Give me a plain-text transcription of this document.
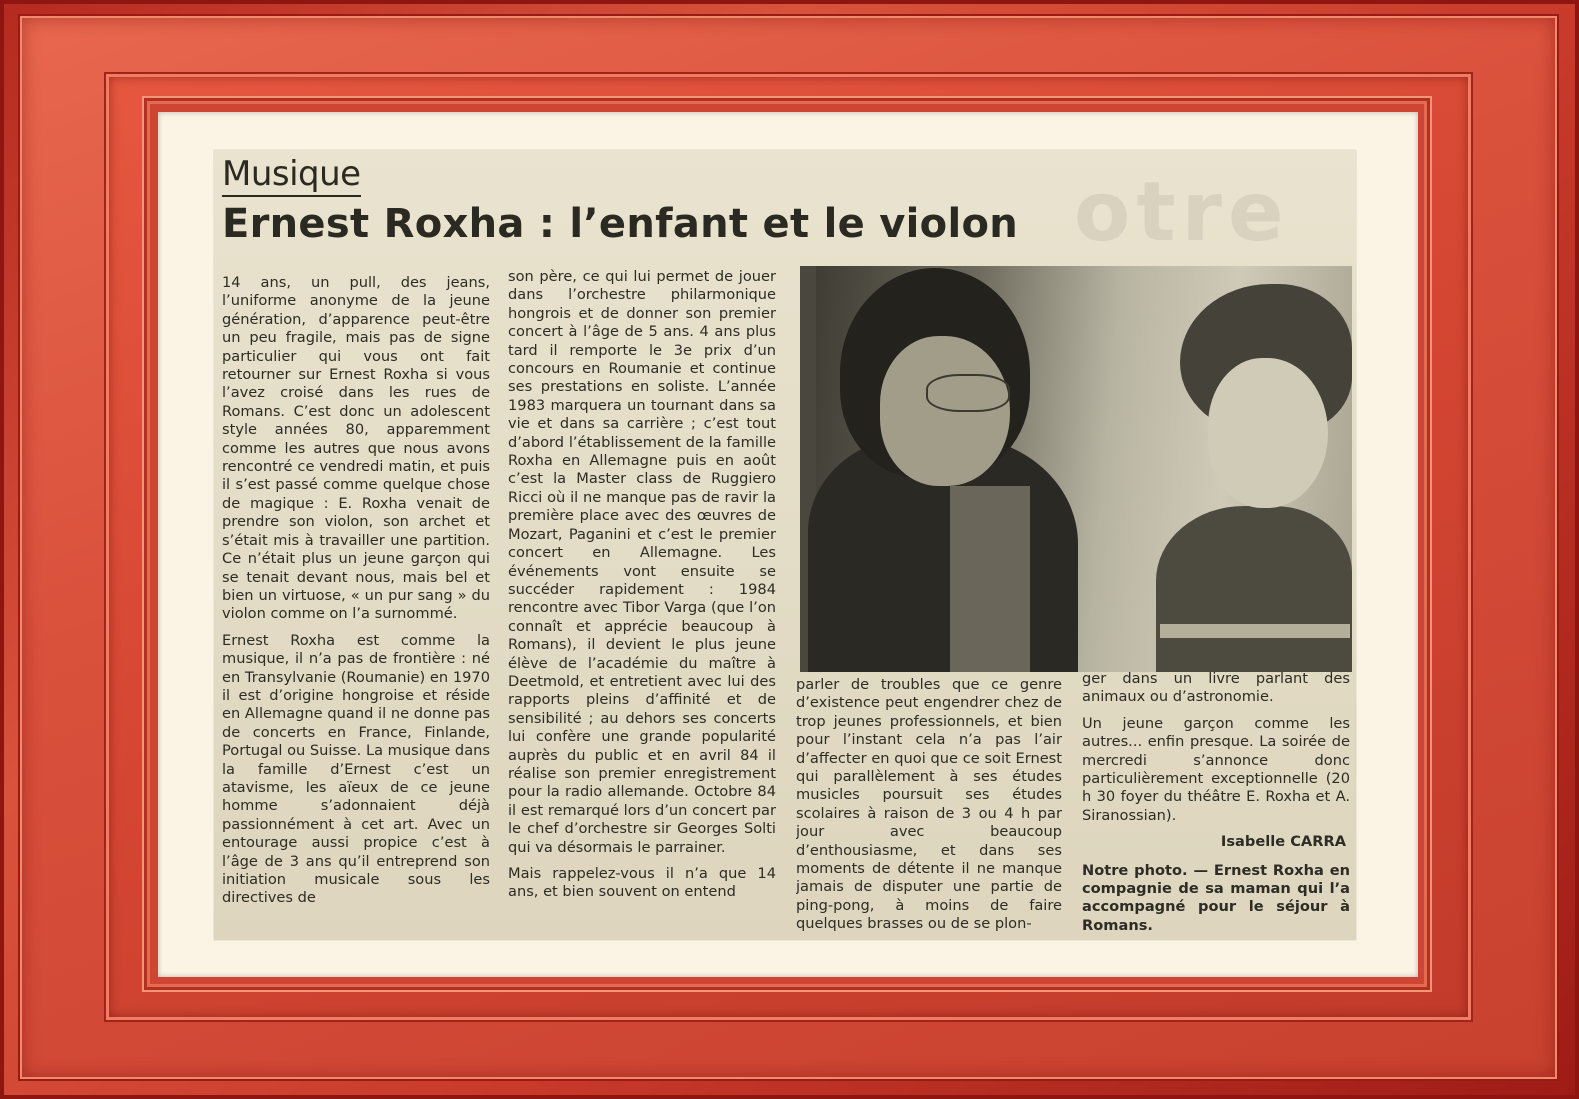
otre
Musique
Ernest Roxha : l’enfant et le violon

14 ans, un pull, des jeans, l’uniforme anonyme de la jeune génération, d’apparence peut-être un peu fragile, mais pas de signe particulier qui vous ont fait retourner sur Ernest Roxha si vous l’avez croisé dans les rues de Romans. C’est donc un adolescent style années 80, apparemment comme les autres que nous avons rencontré ce vendredi matin, et puis il s’est passé comme quelque chose de magique : E. Roxha venait de prendre son violon, son archet et s’était mis à travailler une partition. Ce n’était plus un jeune garçon qui se tenait devant nous, mais bel et bien un virtuose, « un pur sang » du violon comme on l’a surnommé.

Ernest Roxha est comme la musique, il n’a pas de frontière : né en Transylvanie (Roumanie) en 1970 il est d’origine hongroise et réside en Allemagne quand il ne donne pas de concerts en France, Finlande, Portugal ou Suisse. La musique dans la famille d’Ernest c’est un atavisme, les aïeux de ce jeune homme s’adonnaient déjà passionnément à cet art. Avec un entourage aussi propice c’est à l’âge de 3 ans qu’il entreprend son initiation musicale sous les directives de

son père, ce qui lui permet de jouer dans l’orchestre philarmonique hongrois et de donner son premier concert à l’âge de 5 ans. 4 ans plus tard il remporte le 3e prix d’un concours en Roumanie et continue ses prestations en soliste. L’année 1983 marquera un tournant dans sa vie et dans sa carrière ; c’est tout d’abord l’établissement de la famille Roxha en Allemagne puis en août c’est la Master class de Ruggiero Ricci où il ne manque pas de ravir la première place avec des œuvres de Mozart, Paganini et c’est le premier concert en Allemagne. Les événements vont ensuite se succéder rapidement : 1984 rencontre avec Tibor Varga (que l’on connaît et apprécie beaucoup à Romans), il devient le plus jeune élève de l’académie du maître à Deetmold, et entretient avec lui des rapports pleins d’affinité et de sensibilité ; au dehors ses concerts lui confère une grande popularité auprès du public et en avril 84 il réalise son premier enregistrement pour la radio allemande. Octobre 84 il est remarqué lors d’un concert par le chef d’orchestre sir Georges Solti qui va désormais le parrainer.

Mais rappelez-vous il n’a que 14 ans, et bien souvent on entend

parler de troubles que ce genre d’existence peut engendrer chez de trop jeunes professionnels, et bien pour l’instant cela n’a pas l’air d’affecter en quoi que ce soit Ernest qui parallèlement à ses études musicles poursuit ses études scolaires à raison de 3 ou 4 h par jour avec beaucoup d’enthousiasme, et dans ses moments de détente il ne manque jamais de disputer une partie de ping-pong, à moins de faire quelques brasses ou de se plon-

ger dans un livre parlant des animaux ou d’astronomie.

Un jeune garçon comme les autres... enfin presque. La soirée de mercredi s’annonce donc particulièrement exceptionnelle (20 h 30 foyer du théâtre E. Roxha et A. Siranossian).

Isabelle CARRA

Notre photo. — Ernest Roxha en compagnie de sa maman qui l’a accompagné pour le séjour à Romans.
